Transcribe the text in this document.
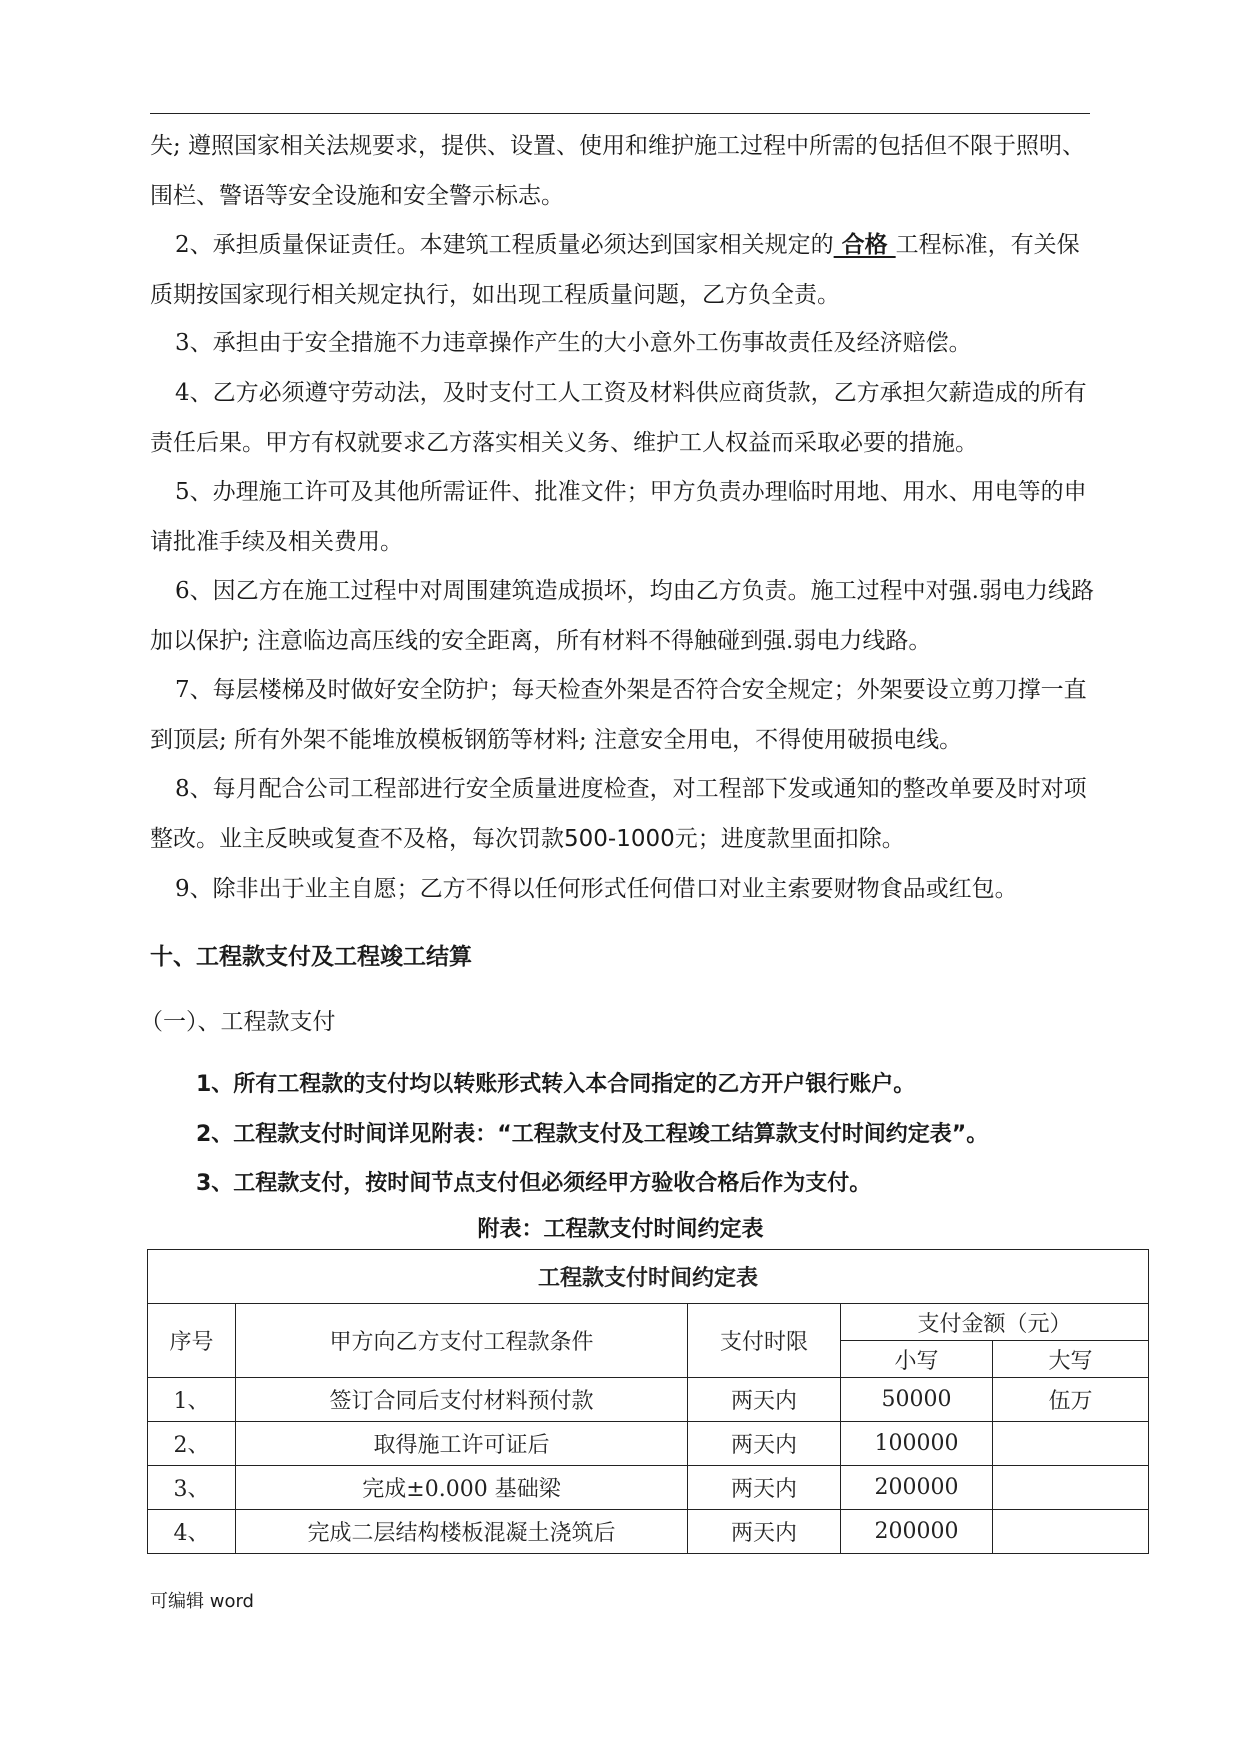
失; 遵照国家相关法规要求，提供、设置、使用和维护施工过程中所需的包括但不限于照明、围栏、警语等安全设施和安全警示标志。

2、承担质量保证责任。本建筑工程质量必须达到国家相关规定的 合格 工程标准，有关保质期按国家现行相关规定执行，如出现工程质量问题，乙方负全责。

3、承担由于安全措施不力违章操作产生的大小意外工伤事故责任及经济赔偿。

4、乙方必须遵守劳动法，及时支付工人工资及材料供应商货款，乙方承担欠薪造成的所有责任后果。甲方有权就要求乙方落实相关义务、维护工人权益而采取必要的措施。

5、办理施工许可及其他所需证件、批准文件；甲方负责办理临时用地、用水、用电等的申请批准手续及相关费用。

6、因乙方在施工过程中对周围建筑造成损坏，均由乙方负责。施工过程中对强.弱电力线路加以保护; 注意临边高压线的安全距离，所有材料不得触碰到强.弱电力线路。

7、每层楼梯及时做好安全防护；每天检查外架是否符合安全规定；外架要设立剪刀撑一直到顶层; 所有外架不能堆放模板钢筋等材料; 注意安全用电，不得使用破损电线。

8、每月配合公司工程部进行安全质量进度检查，对工程部下发或通知的整改单要及时对项整改。业主反映或复查不及格，每次罚款500-1000元；进度款里面扣除。

9、除非出于业主自愿；乙方不得以任何形式任何借口对业主索要财物食品或红包。

十、工程款支付及工程竣工结算

（一）、工程款支付

1、所有工程款的支付均以转账形式转入本合同指定的乙方开户银行账户。

2、工程款支付时间详见附表：“工程款支付及工程竣工结算款支付时间约定表”。

3、工程款支付，按时间节点支付但必须经甲方验收合格后作为支付。

附表：工程款支付时间约定表

工程款支付时间约定表				
序号	甲方向乙方支付工程款条件	支付时限	支付金额（元）	
			小写	大写
1、	签订合同后支付材料预付款	两天内	50000	伍万
2、	取得施工许可证后	两天内	100000	
3、	完成±0.000 基础梁	两天内	200000	
4、	完成二层结构楼板混凝土浇筑后	两天内	200000	

可编辑 word
